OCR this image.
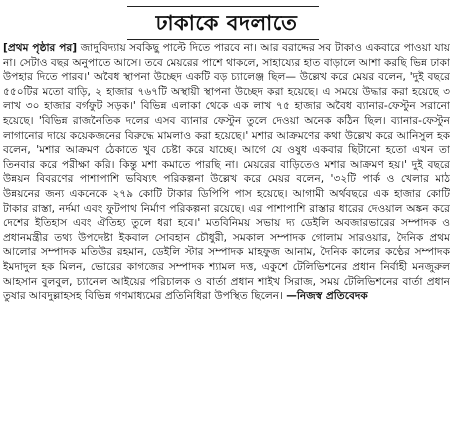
ঢাকাকে বদলাতে
[প্রথম পৃষ্ঠার পর] জাদুবিদ্যায় সবকিছু পাল্টে দিতে পারবে না। আর বরাদ্দের সব টাকাও একবারে পাওয়া যায় না। সেটাও বছর অনুপাতে আসে। তবে মেয়রের পাশে থাকলে, সাহায্যের হাত বাড়ালে আশা করছি ভিন্ন ঢাকা উপহার দিতে পারব।' অবৈধ স্থাপনা উচ্ছেদ একটি বড় চ্যালেঞ্জ ছিল— উল্লেখ করে মেয়র বলেন, 'দুই বছরে ৫৫০টির মতো বাড়ি, ২ হাজার ৭৬৭টি অস্থায়ী স্থাপনা উচ্ছেদ করা হয়েছে। এ সময়ে উদ্ধার করা হয়েছে ৩ লাখ ৩০ হাজার বর্গফুট সড়ক।' বিভিন্ন এলাকা থেকে এক লাখ ৭৫ হাজার অবৈধ ব্যানার-ফেস্টুন সরানো হয়েছে। 'বিভিন্ন রাজনৈতিক দলের এসব ব্যানার ফেস্টুন তুলে দেওয়া অনেক কঠিন ছিল। ব্যানার-ফেস্টুন লাগানোর দায়ে কয়েকজনের বিরুদ্ধে মামলাও করা হয়েছে।' মশার আক্রমণের কথা উল্লেখ করে আনিসুল হক বলেন, 'মশার আক্রমণ ঠেকাতে খুব চেষ্টা করে যাচ্ছে। আগে যে ওষুধ একবার ছিটানো হতো এখন তা তিনবার করে পরীক্ষা করি। কিন্তু মশা কমাতে পারছি না। মেয়রের বাড়িতেও মশার আক্রমণ হয়।' দুই বছরে উন্নয়ন বিবরণের পাশাপাশি ভবিষ্যৎ পরিকল্পনা উল্লেখ করে মেয়র বলেন, '৩২টি পার্ক ও খেলার মাঠ উন্নয়নের জন্য একনেকে ২৭৯ কোটি টাকার ডিপিপি পাস হয়েছে। আগামী অর্থবছরে এক হাজার কোটি টাকার রাস্তা, নর্দমা এবং ফুটপাথ নির্মাণ পরিকল্পনা রয়েছে। এর পাশাপাশি রাস্তার ধারের দেওয়াল অঙ্কন করে দেশের ইতিহাস এবং ঐতিহ্য তুলে ধরা হবে।' মতবিনিময় সভায় দ্য ডেইলি অবজারভারের সম্পাদক ও প্রধানমন্ত্রীর তথ্য উপদেষ্টা ইকবাল সোবহান চৌধুরী, সমকাল সম্পাদক গোলাম সারওয়ার, দৈনিক প্রথম আলোর সম্পাদক মতিউর রহমান, ডেইলি স্টার সম্পাদক মাহফুজ আনাম, দৈনিক কালের কণ্ঠের সম্পাদক ইমদাদুল হক মিলন, ভোরের কাগজের সম্পাদক শ্যামল দত্ত, একুশে টেলিভিশনের প্রধান নির্বাহী মনজুরুল আহসান বুলবুল, চ্যানেল আইয়ের পরিচালক ও বার্তা প্রধান শাইখ সিরাজ, সময় টেলিভিশনের বার্তা প্রধান তুষার আবদুল্লাহসহ বিভিন্ন গণমাধ্যমের প্রতিনিধিরা উপস্থিত ছিলেন। —নিজস্ব প্রতিবেদক
